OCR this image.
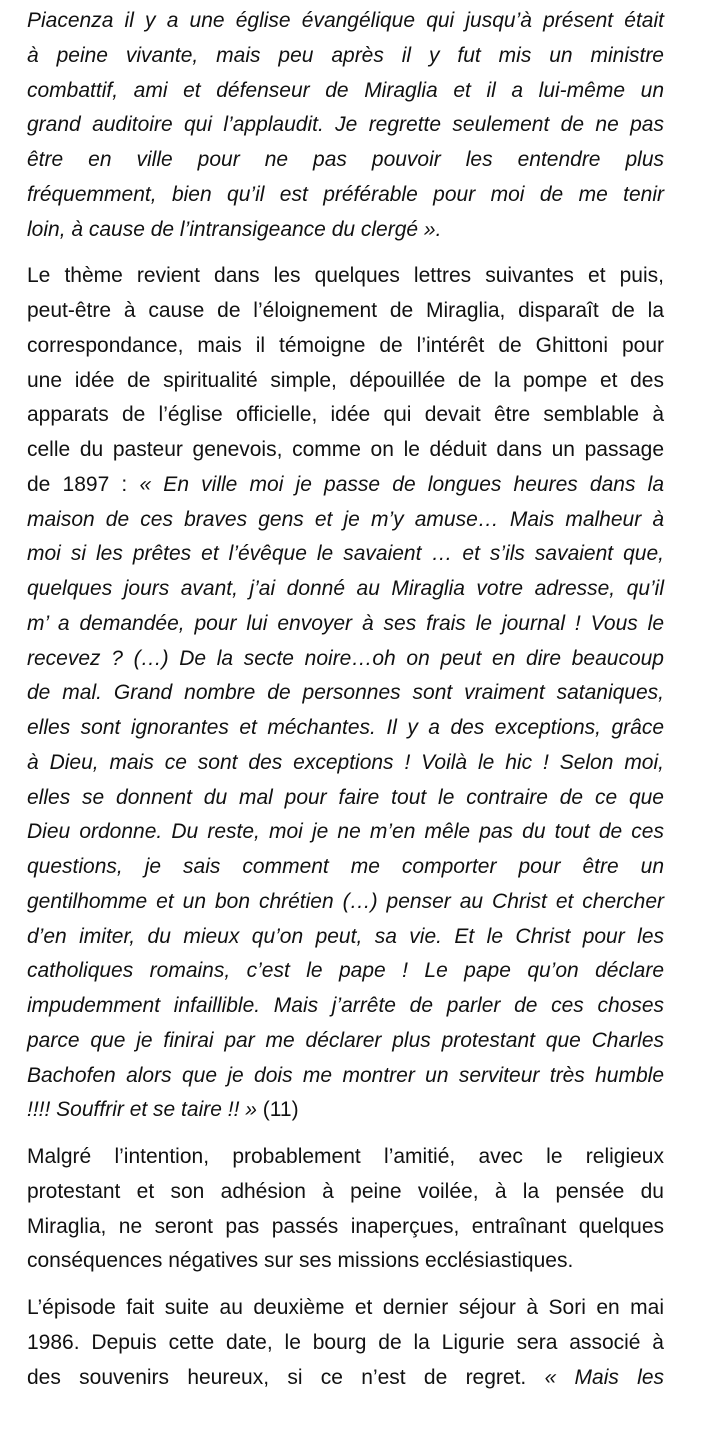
Piacenza il y a une église évangélique qui jusqu’à présent était
à peine vivante, mais peu après il y fut mis un ministre
combattif, ami et défenseur de Miraglia et il a lui-même un
grand auditoire qui l’applaudit. Je regrette seulement de ne pas
être en ville pour ne pas pouvoir les entendre plus
fréquemment, bien qu’il est préférable pour moi de me tenir
loin, à cause de l’intransigeance du clergé ».
Le thème revient dans les quelques lettres suivantes et puis,
peut-être à cause de l’éloignement de Miraglia, disparaît de la
correspondance, mais il témoigne de l’intérêt de Ghittoni pour
une idée de spiritualité simple, dépouillée de la pompe et des
apparats de l’église officielle, idée qui devait être semblable à
celle du pasteur genevois, comme on le déduit dans un passage
de 1897 : « En ville moi je passe de longues heures dans la
maison de ces braves gens et je m’y amuse… Mais malheur à
moi si les prêtes et l’évêque le savaient … et s’ils savaient que,
quelques jours avant, j’ai donné au Miraglia votre adresse, qu’il
m’ a demandée, pour lui envoyer à ses frais le journal ! Vous le
recevez ? (…) De la secte noire…oh on peut en dire beaucoup
de mal. Grand nombre de personnes sont vraiment sataniques,
elles sont ignorantes et méchantes. Il y a des exceptions, grâce
à Dieu, mais ce sont des exceptions ! Voilà le hic ! Selon moi,
elles se donnent du mal pour faire tout le contraire de ce que
Dieu ordonne. Du reste, moi je ne m’en mêle pas du tout de ces
questions, je sais comment me comporter pour être un
gentilhomme et un bon chrétien (…) penser au Christ et chercher
d’en imiter, du mieux qu’on peut, sa vie. Et le Christ pour les
catholiques romains, c’est le pape ! Le pape qu’on déclare
impudemment infaillible. Mais j’arrête de parler de ces choses
parce que je finirai par me déclarer plus protestant que Charles
Bachofen alors que je dois me montrer un serviteur très humble
!!!! Souffrir et se taire !! » (11)
Malgré l’intention, probablement l’amitié, avec le religieux
protestant et son adhésion à peine voilée, à la pensée du
Miraglia, ne seront pas passés inaperçues, entraînant quelques
conséquences négatives sur ses missions ecclésiastiques.
L’épisode fait suite au deuxième et dernier séjour à Sori en mai
1986. Depuis cette date, le bourg de la Ligurie sera associé à
des souvenirs heureux, si ce n’est de regret. « Mais les
